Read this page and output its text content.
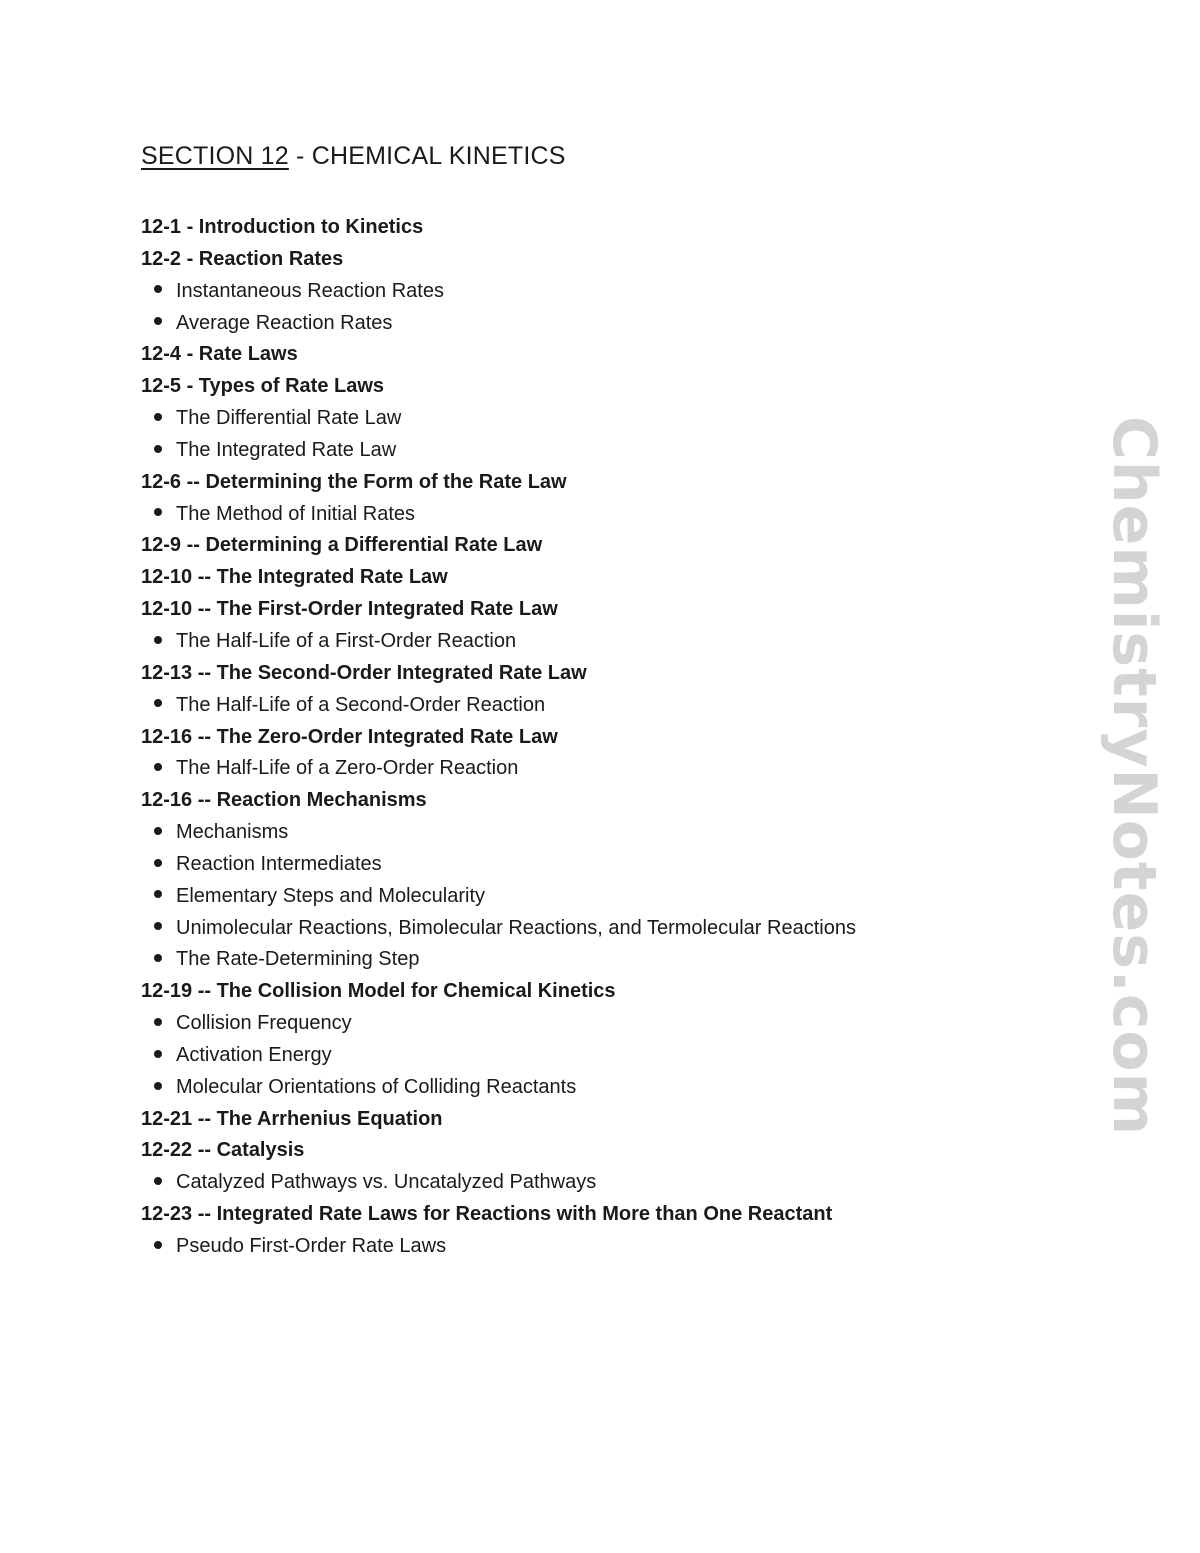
SECTION 12 - CHEMICAL KINETICS
12-1 - Introduction to Kinetics
12-2 - Reaction Rates
Instantaneous Reaction Rates
Average Reaction Rates
12-4 - Rate Laws
12-5 - Types of Rate Laws
The Differential Rate Law
The Integrated Rate Law
12-6 -- Determining the Form of the Rate Law
The Method of Initial Rates
12-9 -- Determining a Differential Rate Law
12-10 -- The Integrated Rate Law
12-10 -- The First-Order Integrated Rate Law
The Half-Life of a First-Order Reaction
12-13 -- The Second-Order Integrated Rate Law
The Half-Life of a Second-Order Reaction
12-16 -- The Zero-Order Integrated Rate Law
The Half-Life of a Zero-Order Reaction
12-16 -- Reaction Mechanisms
Mechanisms
Reaction Intermediates
Elementary Steps and Molecularity
Unimolecular Reactions, Bimolecular Reactions, and Termolecular Reactions
The Rate-Determining Step
12-19 -- The Collision Model for Chemical Kinetics
Collision Frequency
Activation Energy
Molecular Orientations of Colliding Reactants
12-21 -- The Arrhenius Equation
12-22 -- Catalysis
Catalyzed Pathways vs. Uncatalyzed Pathways
12-23 -- Integrated Rate Laws for Reactions with More than One Reactant
Pseudo First-Order Rate Laws
ChemistryNotes.com
